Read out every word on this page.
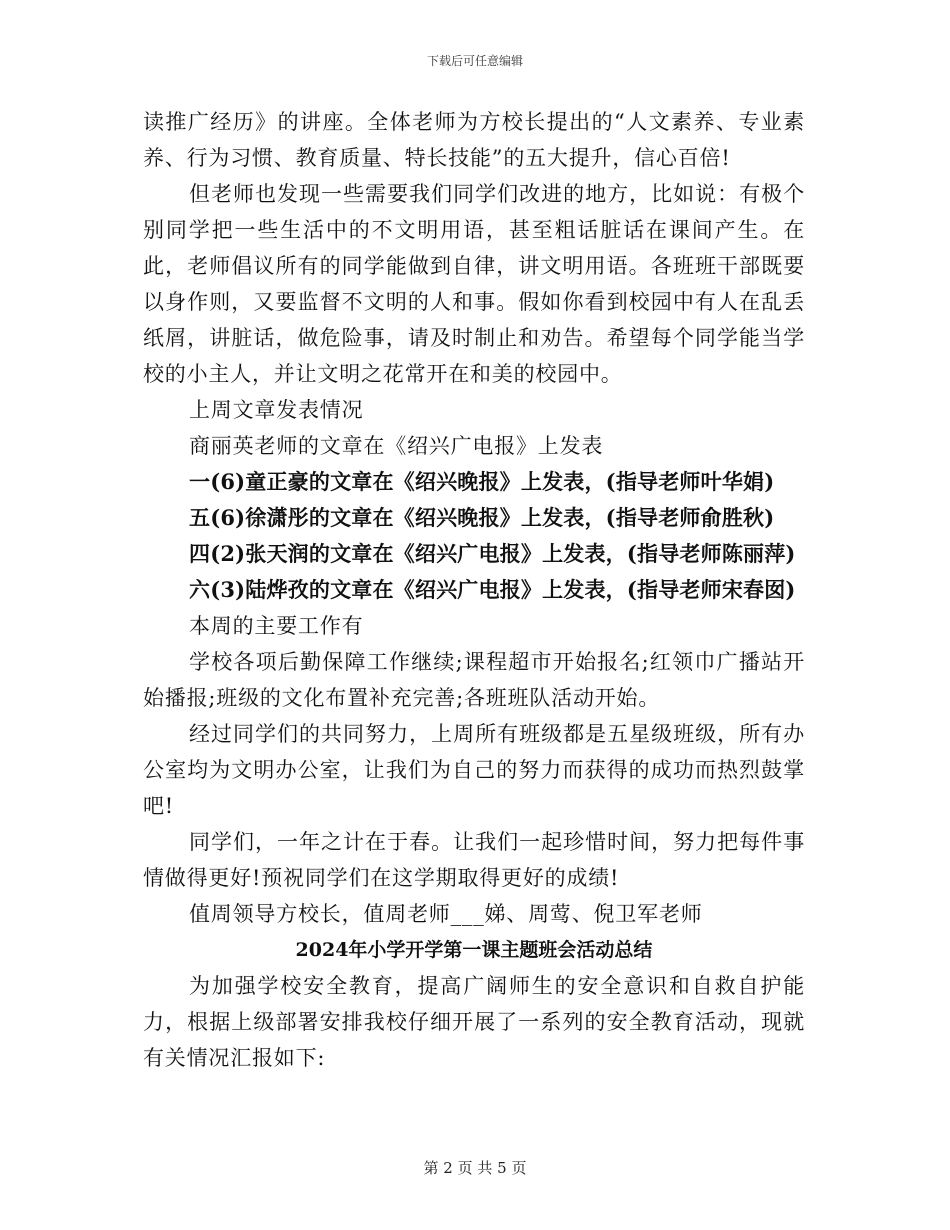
下载后可任意编辑

读推广经历》的讲座。全体老师为方校长提出的“人文素养、专业素养、行为习惯、教育质量、特长技能”的五大提升，信心百倍!

但老师也发现一些需要我们同学们改进的地方，比如说：有极个别同学把一些生活中的不文明用语，甚至粗话脏话在课间产生。在此，老师倡议所有的同学能做到自律，讲文明用语。各班班干部既要以身作则，又要监督不文明的人和事。假如你看到校园中有人在乱丢纸屑，讲脏话，做危险事，请及时制止和劝告。希望每个同学能当学校的小主人，并让文明之花常开在和美的校园中。

上周文章发表情况

商丽英老师的文章在《绍兴广电报》上发表

一(6)童正豪的文章在《绍兴晚报》上发表，(指导老师叶华娟)

五(6)徐潇彤的文章在《绍兴晚报》上发表，(指导老师俞胜秋)

四(2)张天润的文章在《绍兴广电报》上发表，(指导老师陈丽萍)

六(3)陆烨孜的文章在《绍兴广电报》上发表，(指导老师宋春囡)

本周的主要工作有

学校各项后勤保障工作继续;课程超市开始报名;红领巾广播站开始播报;班级的文化布置补充完善;各班班队活动开始。

经过同学们的共同努力，上周所有班级都是五星级班级，所有办公室均为文明办公室，让我们为自己的努力而获得的成功而热烈鼓掌吧!

同学们，一年之计在于春。让我们一起珍惜时间，努力把每件事情做得更好!预祝同学们在这学期取得更好的成绩!

值周领导方校长，值周老师___娣、周莺、倪卫军老师

2024年小学开学第一课主题班会活动总结

为加强学校安全教育，提高广阔师生的安全意识和自救自护能力，根据上级部署安排我校仔细开展了一系列的安全教育活动，现就有关情况汇报如下:

第 2 页 共 5 页
